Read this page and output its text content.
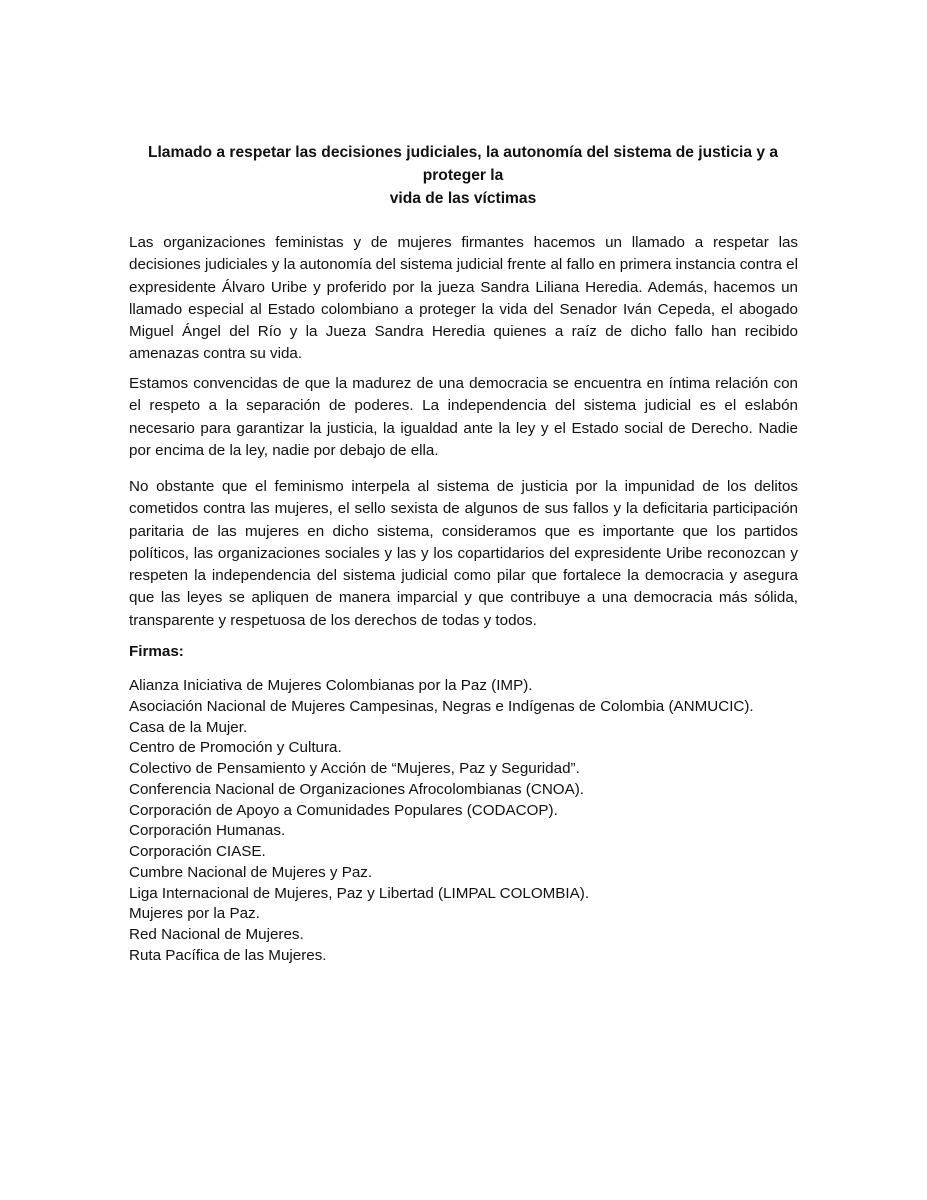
Llamado a respetar las decisiones judiciales, la autonomía del sistema de justicia y a proteger la
vida de las víctimas

Las organizaciones feministas y de mujeres firmantes hacemos un llamado a respetar las decisiones judiciales y la autonomía del sistema judicial frente al fallo en primera instancia contra el expresidente Álvaro Uribe y proferido por la jueza Sandra Liliana Heredia. Además, hacemos un llamado especial al Estado colombiano a proteger la vida del Senador Iván Cepeda, el abogado Miguel Ángel del Río y la Jueza Sandra Heredia quienes a raíz de dicho fallo han recibido amenazas contra su vida.

Estamos convencidas de que la madurez de una democracia se encuentra en íntima relación con el respeto a la separación de poderes. La independencia del sistema judicial es el eslabón necesario para garantizar la justicia, la igualdad ante la ley y el Estado social de Derecho. Nadie por encima de la ley, nadie por debajo de ella.

No obstante que el feminismo interpela al sistema de justicia por la impunidad de los delitos cometidos contra las mujeres, el sello sexista de algunos de sus fallos y la deficitaria participación paritaria de las mujeres en dicho sistema, consideramos que es importante que los partidos políticos, las organizaciones sociales y las y los copartidarios del expresidente Uribe reconozcan y respeten la independencia del sistema judicial como pilar que fortalece la democracia y asegura que las leyes se apliquen de manera imparcial y que contribuye a una democracia más sólida, transparente y respetuosa de los derechos de todas y todos.

Firmas:
Alianza Iniciativa de Mujeres Colombianas por la Paz (IMP).
Asociación Nacional de Mujeres Campesinas, Negras e Indígenas de Colombia (ANMUCIC).
Casa de la Mujer.
Centro de Promoción y Cultura.
Colectivo de Pensamiento y Acción de “Mujeres, Paz y Seguridad”.
Conferencia Nacional de Organizaciones Afrocolombianas (CNOA).
Corporación de Apoyo a Comunidades Populares (CODACOP).
Corporación Humanas.
Corporación CIASE.
Cumbre Nacional de Mujeres y Paz.
Liga Internacional de Mujeres, Paz y Libertad (LIMPAL COLOMBIA).
Mujeres por la Paz.
Red Nacional de Mujeres.
Ruta Pacífica de las Mujeres.
